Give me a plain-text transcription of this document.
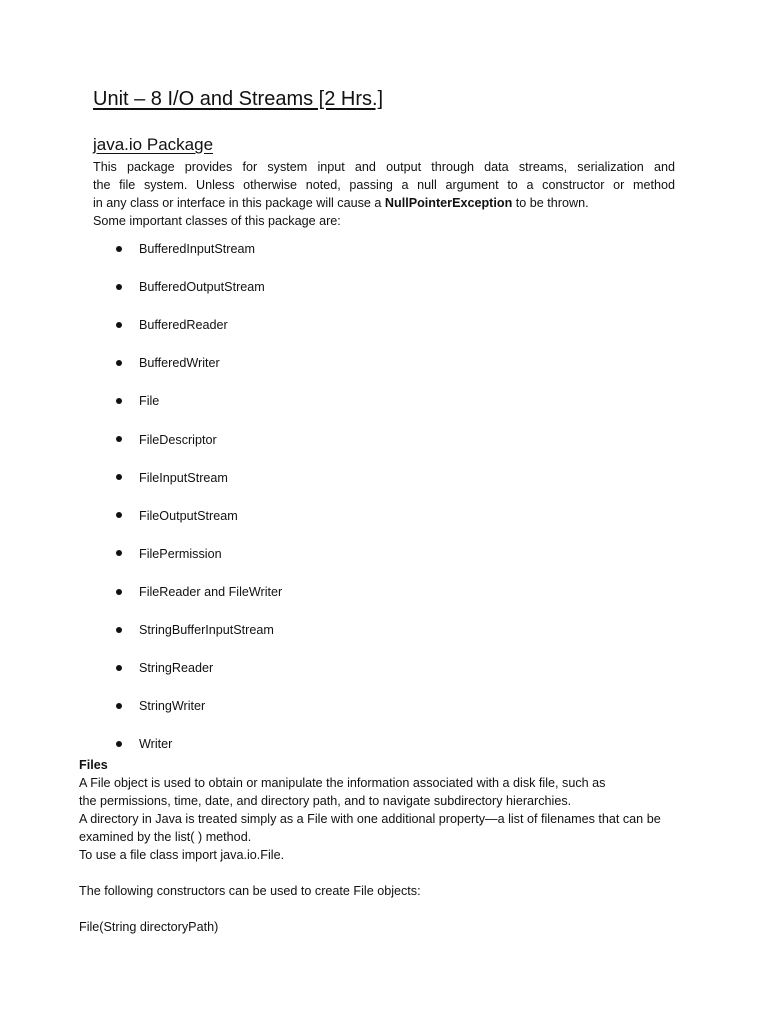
Unit – 8 I/O and Streams [2 Hrs.]
java.io Package
This package provides for system input and output through data streams, serialization and
the file system. Unless otherwise noted, passing a null argument to a constructor or method
in any class or interface in this package will cause a NullPointerException to be thrown.
Some important classes of this package are:
BufferedInputStream
BufferedOutputStream
BufferedReader
BufferedWriter
File
FileDescriptor
FileInputStream
FileOutputStream
FilePermission
FileReader and FileWriter
StringBufferInputStream
StringReader
StringWriter
Writer
Files
A File object is used to obtain or manipulate the information associated with a disk file, such as
the permissions, time, date, and directory path, and to navigate subdirectory hierarchies.
A directory in Java is treated simply as a File with one additional property—a list of filenames that can be
examined by the list( ) method.
To use a file class import java.io.File.
The following constructors can be used to create File objects:
File(String directoryPath)
